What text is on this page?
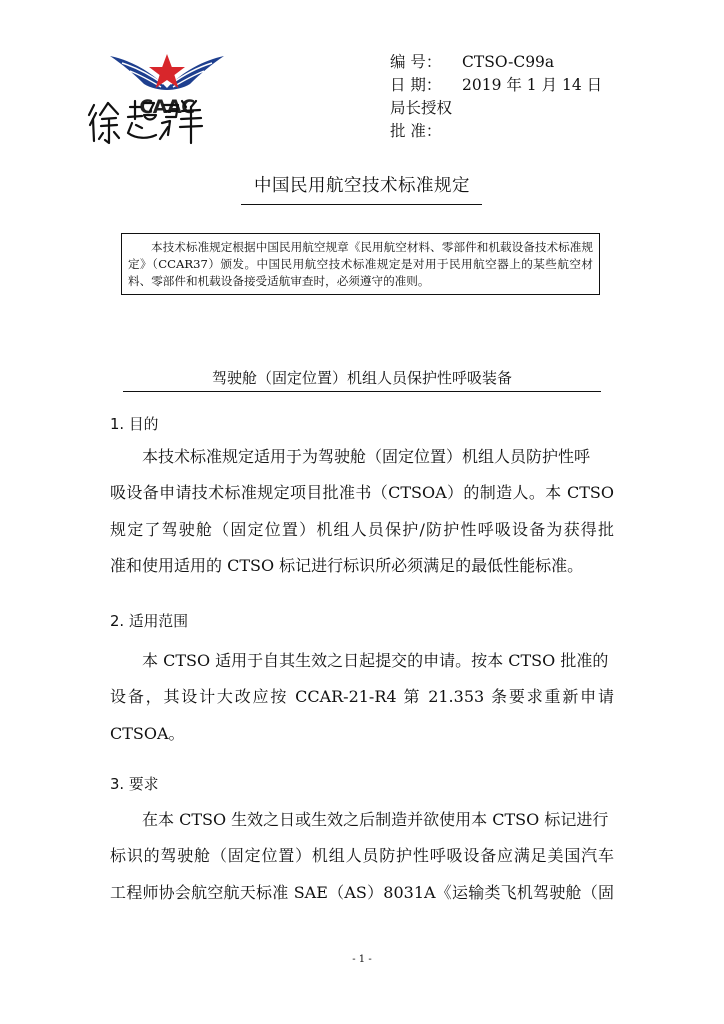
CAAC
编 号： CTSO-C99a
日 期： 2019 年 1 月 14 日
局长授权
批 准：
中国民用航空技术标准规定
本技术标准规定根据中国民用航空规章《民用航空材料、零部件和机载设备技术标准规定》（CCAR37）颁发。中国民用航空技术标准规定是对用于民用航空器上的某些航空材料、零部件和机载设备接受适航审查时，必须遵守的准则。
驾驶舱（固定位置）机组人员保护性呼吸装备
1. 目的
本技术标准规定适用于为驾驶舱（固定位置）机组人员防护性呼
吸设备申请技术标准规定项目批准书（CTSOA）的制造人。本 CTSO
规定了驾驶舱（固定位置）机组人员保护/防护性呼吸设备为获得批
准和使用适用的 CTSO 标记进行标识所必须满足的最低性能标准。
2. 适用范围
本 CTSO 适用于自其生效之日起提交的申请。按本 CTSO 批准的
设备，其设计大改应按 CCAR-21-R4 第 21.353 条要求重新申请
CTSOA。
3. 要求
在本 CTSO 生效之日或生效之后制造并欲使用本 CTSO 标记进行
标识的驾驶舱（固定位置）机组人员防护性呼吸设备应满足美国汽车
工程师协会航空航天标准 SAE（AS）8031A《运输类飞机驾驶舱（固
- 1 -
